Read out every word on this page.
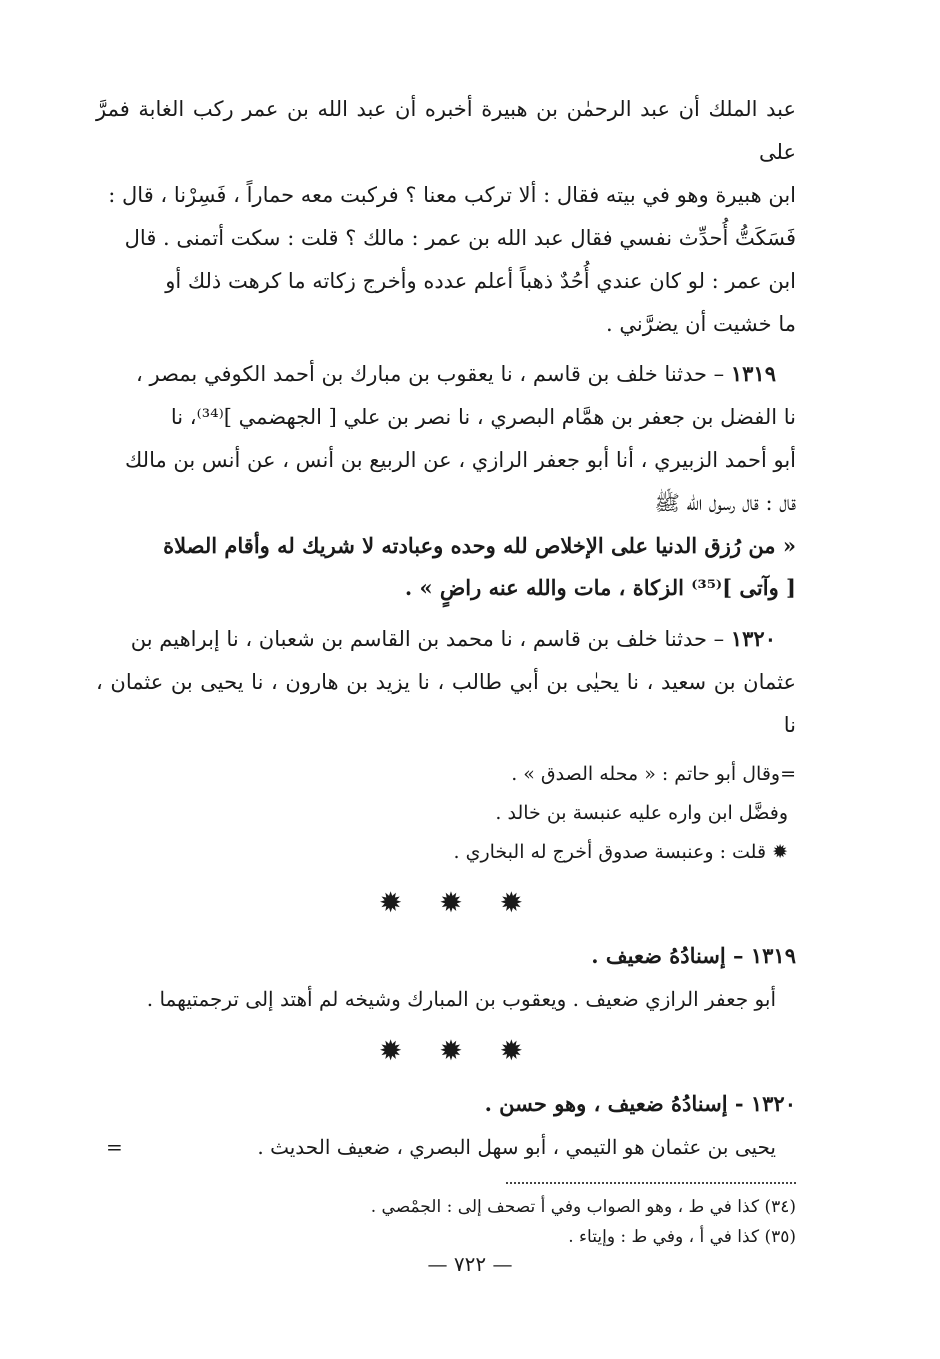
عبد الملك أن عبد الرحمٰن بن هبيرة أخبره أن عبد الله بن عمر ركب الغابة فمرَّ على

ابن هبيرة وهو في بيته فقال : ألا تركب معنا ؟ فركبت معه حماراً ، فَسِرْنا ، قال :

فَسَكَتُّ أُحدِّث نفسي فقال عبد الله بن عمر : مالك ؟ قلت : سكت أتمنى . قال

ابن عمر : لو كان عندي أُحُدٌ ذهباً أعلم عدده وأخرج زكاته ما كرهت ذلك أو

ما خشيت أن يضرَّني .

١٣١٩ – حدثنا خلف بن قاسم ، نا يعقوب بن مبارك بن أحمد الكوفي بمصر ،

نا الفضل بن جعفر بن همَّام البصري ، نا نصر بن علي [ الجهضمي ]⁽³⁴⁾، نا

أبو أحمد الزبيري ، أنا أبو جعفر الرازي ، عن الربيع بن أنس ، عن أنس بن مالك

قال : قال رسول الله ﷺ

« من رُزق الدنيا على الإخلاص لله وحده وعبادته لا شريك له وأقام الصلاة
[ وآتى ]⁽³⁵⁾ الزكاة ، مات والله عنه راضٍ » .

١٣٢٠ – حدثنا خلف بن قاسم ، نا محمد بن القاسم بن شعبان ، نا إبراهيم بن

عثمان بن سعيد ، نا يحيٰى بن أبي طالب ، نا يزيد بن هارون ، نا يحيى بن عثمان ، نا

=وقال أبو حاتم : « محله الصدق » .
وفضَّل ابن واره عليه عنبسة بن خالد .
✹ قلت : وعنبسة صدوق أخرج له البخاري .
✹ ✹ ✹

١٣١٩ – إسنادُهُ ضعيف .

أبو جعفر الرازي ضعيف . ويعقوب بن المبارك وشيخه لم أهتد إلى ترجمتيهما .

✹ ✹ ✹

١٣٢٠ - إسنادُهُ ضعيف ، وهو حسن .

يحيى بن عثمان هو التيمي ، أبو سهل البصري ، ضعيف الحديث .

=

(٣٤) كذا في ط ، وهو الصواب وفي أ تصحف إلى : الجمْصي .

(٣٥) كذا في أ ، وفي ط : وإيتاء .

— ٧٢٢ —
